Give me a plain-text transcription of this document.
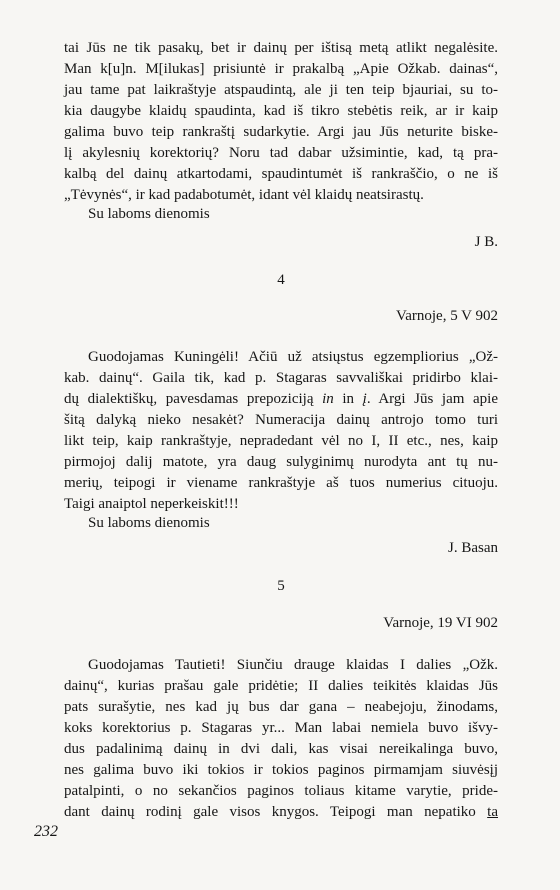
tai Jūs ne tik pasakų, bet ir dainų per ištisą metą atlikt negalėsite.
Man k[u]n. M[ilukas] prisiuntė ir prakalbą „Apie Ožkab. dainas“,
jau tame pat laikraštyje atspaudintą, ale ji ten teip bjauriai, su to-
kia daugybe klaidų spaudinta, kad iš tikro stebėtis reik, ar ir kaip
galima buvo teip rankraštį sudarkytie. Argi jau Jūs neturite biske-
lį akylesnių korektorių? Noru tad dabar užsimintie, kad, tą pra-
kalbą del dainų atkartodami, spaudintumėt iš rankraščio, o ne iš
„Tėvynės“, ir kad padabotumėt, idant vėl klaidų neatsirastų.
Su laboms dienomis
J B.
4
Varnoje, 5 V 902
Guodojamas Kuningėli! Ačiū už atsiųstus egzempliorius „Ož-
kab. dainų“. Gaila tik, kad p. Stagaras savvališkai pridirbo klai-
dų dialektiškų, pavesdamas prepoziciją in in į. Argi Jūs jam apie
šitą dalyką nieko nesakėt? Numeracija dainų antrojo tomo turi
likt teip, kaip rankraštyje, nepradedant vėl no I, II etc., nes, kaip
pirmojoj dalij matote, yra daug sulyginimų nurodyta ant tų nu-
merių, teipogi ir viename rankraštyje aš tuos numerius cituoju.
Taigi anaiptol neperkeiskit!!!
Su laboms dienomis
J. Basan
5
Varnoje, 19 VI 902
Guodojamas Tautieti! Siunčiu drauge klaidas I dalies „Ožk.
dainų“, kurias prašau gale pridėtie; II dalies teikitės klaidas Jūs
pats surašytie, nes kad jų bus dar gana – neabejoju, žinodams,
koks korektorius p. Stagaras yr... Man labai nemiela buvo išvy-
dus padalinimą dainų in dvi dali, kas visai nereikalinga buvo,
nes galima buvo iki tokios ir tokios paginos pirmamjam siuvėsįj
patalpinti, o no sekančios paginos toliaus kitame varytie, pride-
dant dainų rodinį gale visos knygos. Teipogi man nepatiko ta
232
